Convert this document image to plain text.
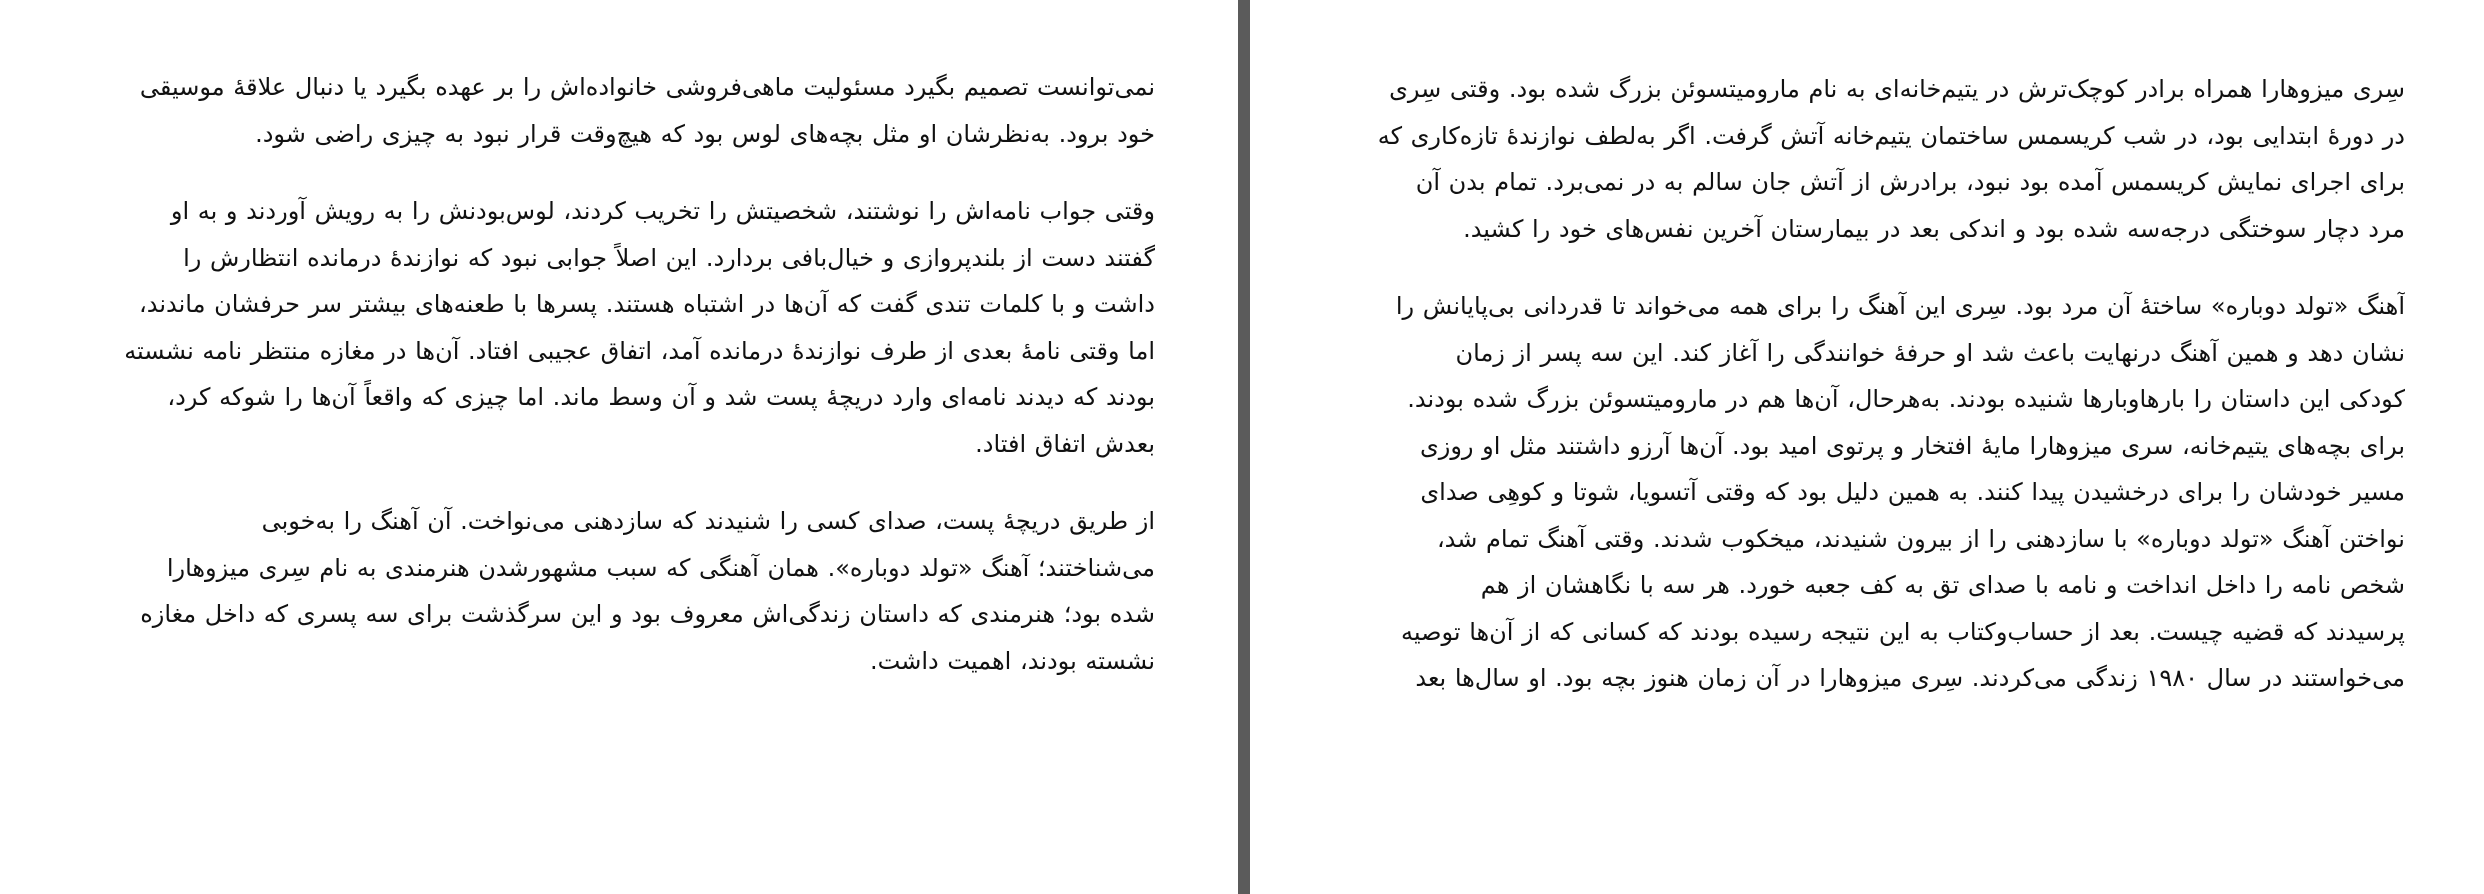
نمی‌توانست تصمیم بگیرد مسئولیت ماهی‌فروشی خانواده‌اش را بر عهده بگیرد یا دنبال علاقهٔ موسیقی
خود برود. به‌نظرشان او مثل بچه‌های لوس بود که هیچ‌وقت قرار نبود به چیزی راضی شود.

وقتی جواب نامه‌اش را نوشتند، شخصیتش را تخریب کردند، لوس‌بودنش را به رویش آوردند و به او
گفتند دست از بلندپروازی و خیال‌بافی بردارد. این اصلاً جوابی نبود که نوازندهٔ درمانده انتظارش را
داشت و با کلمات تندی گفت که آن‌ها در اشتباه هستند. پسرها با طعنه‌های بیشتر سر حرفشان ماندند،
اما وقتی نامهٔ بعدی از طرف نوازندهٔ درمانده آمد، اتفاق عجیبی افتاد. آن‌ها در مغازه منتظر نامه نشسته
بودند که دیدند نامه‌ای وارد دریچهٔ پست شد و آن وسط ماند. اما چیزی که واقعاً آن‌ها را شوکه کرد،
بعدش اتفاق افتاد.

از طریق دریچهٔ پست، صدای کسی را شنیدند که سازدهنی می‌نواخت. آن آهنگ را به‌خوبی
می‌شناختند؛ آهنگ «تولد دوباره». همان آهنگی که سبب مشهورشدن هنرمندی به نام سِری میزوهارا
شده بود؛ هنرمندی که داستان زندگی‌اش معروف بود و این سرگذشت برای سه پسری که داخل مغازه
نشسته بودند، اهمیت داشت.

سِری میزوهارا همراه برادر کوچک‌ترش در یتیم‌خانه‌ای به نام مارومیتسوئن بزرگ شده بود. وقتی سِری
در دورهٔ ابتدایی بود، در شب کریسمس ساختمان یتیم‌خانه آتش گرفت. اگر به‌لطف نوازندهٔ تازه‌کاری که
برای اجرای نمایش کریسمس آمده بود نبود، برادرش از آتش جان سالم به در نمی‌برد. تمام بدن آن
مرد دچار سوختگی درجه‌سه شده بود و اندکی بعد در بیمارستان آخرین نفس‌های خود را کشید.

آهنگ «تولد دوباره» ساختهٔ آن مرد بود. سِری این آهنگ را برای همه می‌خواند تا قدردانی بی‌پایانش را
نشان دهد و همین آهنگ درنهایت باعث شد او حرفهٔ خوانندگی را آغاز کند. این سه پسر از زمان
کودکی این داستان را بارهاوبارها شنیده بودند. به‌هرحال، آن‌ها هم در مارومیتسوئن بزرگ شده بودند.
برای بچه‌های یتیم‌خانه، سری میزوهارا مایهٔ افتخار و پرتوی امید بود. آن‌ها آرزو داشتند مثل او روزی
مسیر خودشان را برای درخشیدن پیدا کنند. به همین دلیل بود که وقتی آتسویا، شوتا و کوهِی صدای
نواختن آهنگ «تولد دوباره» با سازدهنی را از بیرون شنیدند، میخکوب شدند. وقتی آهنگ تمام شد،
شخص نامه را داخل انداخت و نامه با صدای تق به کف جعبه خورد. هر سه با نگاهشان از هم
پرسیدند که قضیه چیست. بعد از حساب‌وکتاب به این نتیجه رسیده بودند که کسانی که از آن‌ها توصیه
می‌خواستند در سال ۱۹۸۰ زندگی می‌کردند. سِری میزوهارا در آن زمان هنوز بچه بود. او سال‌ها بعد
